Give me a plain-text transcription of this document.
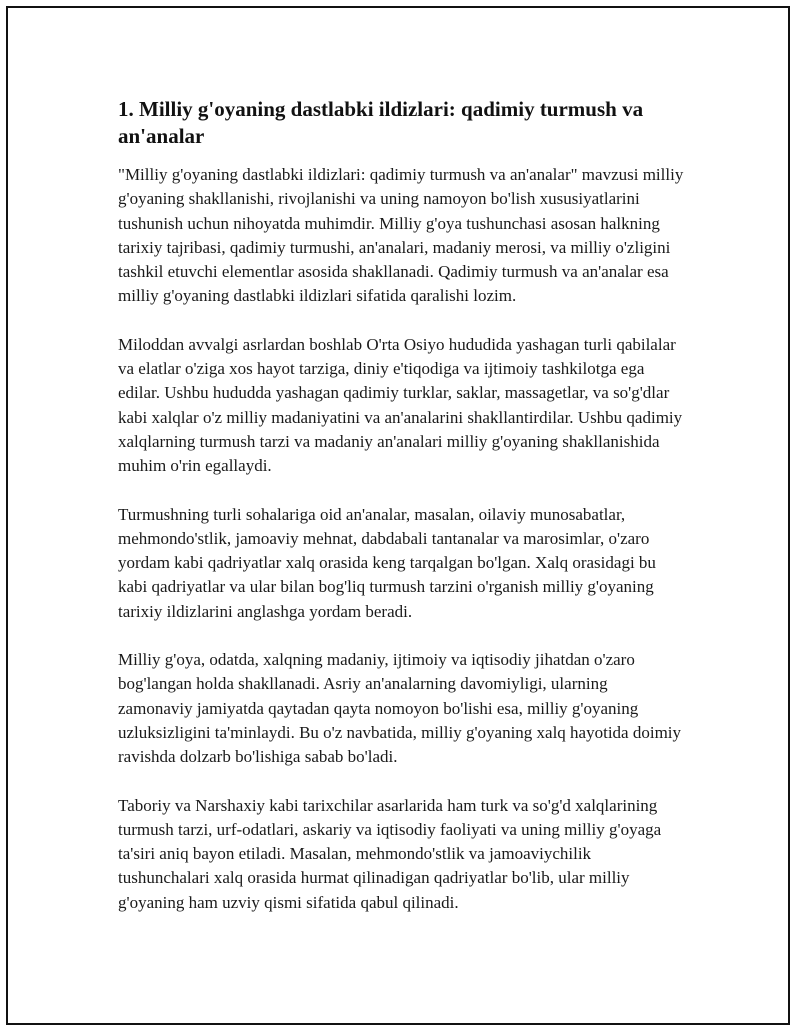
1. Milliy g'oyaning dastlabki ildizlari: qadimiy turmush va an'analar

"Milliy g'oyaning dastlabki ildizlari: qadimiy turmush va an'analar" mavzusi milliy g'oyaning shakllanishi, rivojlanishi va uning namoyon bo'lish xususiyatlarini tushunish uchun nihoyatda muhimdir. Milliy g'oya tushunchasi asosan halkning tarixiy tajribasi, qadimiy turmushi, an'analari, madaniy merosi, va milliy o'zligini tashkil etuvchi elementlar asosida shakllanadi. Qadimiy turmush va an'analar esa milliy g'oyaning dastlabki ildizlari sifatida qaralishi lozim.

Miloddan avvalgi asrlardan boshlab O'rta Osiyo hududida yashagan turli qabilalar va elatlar o'ziga xos hayot tarziga, diniy e'tiqodiga va ijtimoiy tashkilotga ega edilar. Ushbu hududda yashagan qadimiy turklar, saklar, massagetlar, va so'g'dlar kabi xalqlar o'z milliy madaniyatini va an'analarini shakllantirdilar. Ushbu qadimiy xalqlarning turmush tarzi va madaniy an'analari milliy g'oyaning shakllanishida muhim o'rin egallaydi.

Turmushning turli sohalariga oid an'analar, masalan, oilaviy munosabatlar, mehmondo'stlik, jamoaviy mehnat, dabdabali tantanalar va marosimlar, o'zaro yordam kabi qadriyatlar xalq orasida keng tarqalgan bo'lgan. Xalq orasidagi bu kabi qadriyatlar va ular bilan bog'liq turmush tarzini o'rganish milliy g'oyaning tarixiy ildizlarini anglashga yordam beradi.

Milliy g'oya, odatda, xalqning madaniy, ijtimoiy va iqtisodiy jihatdan o'zaro bog'langan holda shakllanadi. Asriy an'analarning davomiyligi, ularning zamonaviy jamiyatda qaytadan qayta nomoyon bo'lishi esa, milliy g'oyaning uzluksizligini ta'minlaydi. Bu o'z navbatida, milliy g'oyaning xalq hayotida doimiy ravishda dolzarb bo'lishiga sabab bo'ladi.

Taboriy va Narshaxiy kabi tarixchilar asarlarida ham turk va so'g'd xalqlarining turmush tarzi, urf-odatlari, askariy va iqtisodiy faoliyati va uning milliy g'oyaga ta'siri aniq bayon etiladi. Masalan, mehmondo'stlik va jamoaviychilik tushunchalari xalq orasida hurmat qilinadigan qadriyatlar bo'lib, ular milliy g'oyaning ham uzviy qismi sifatida qabul qilinadi.
